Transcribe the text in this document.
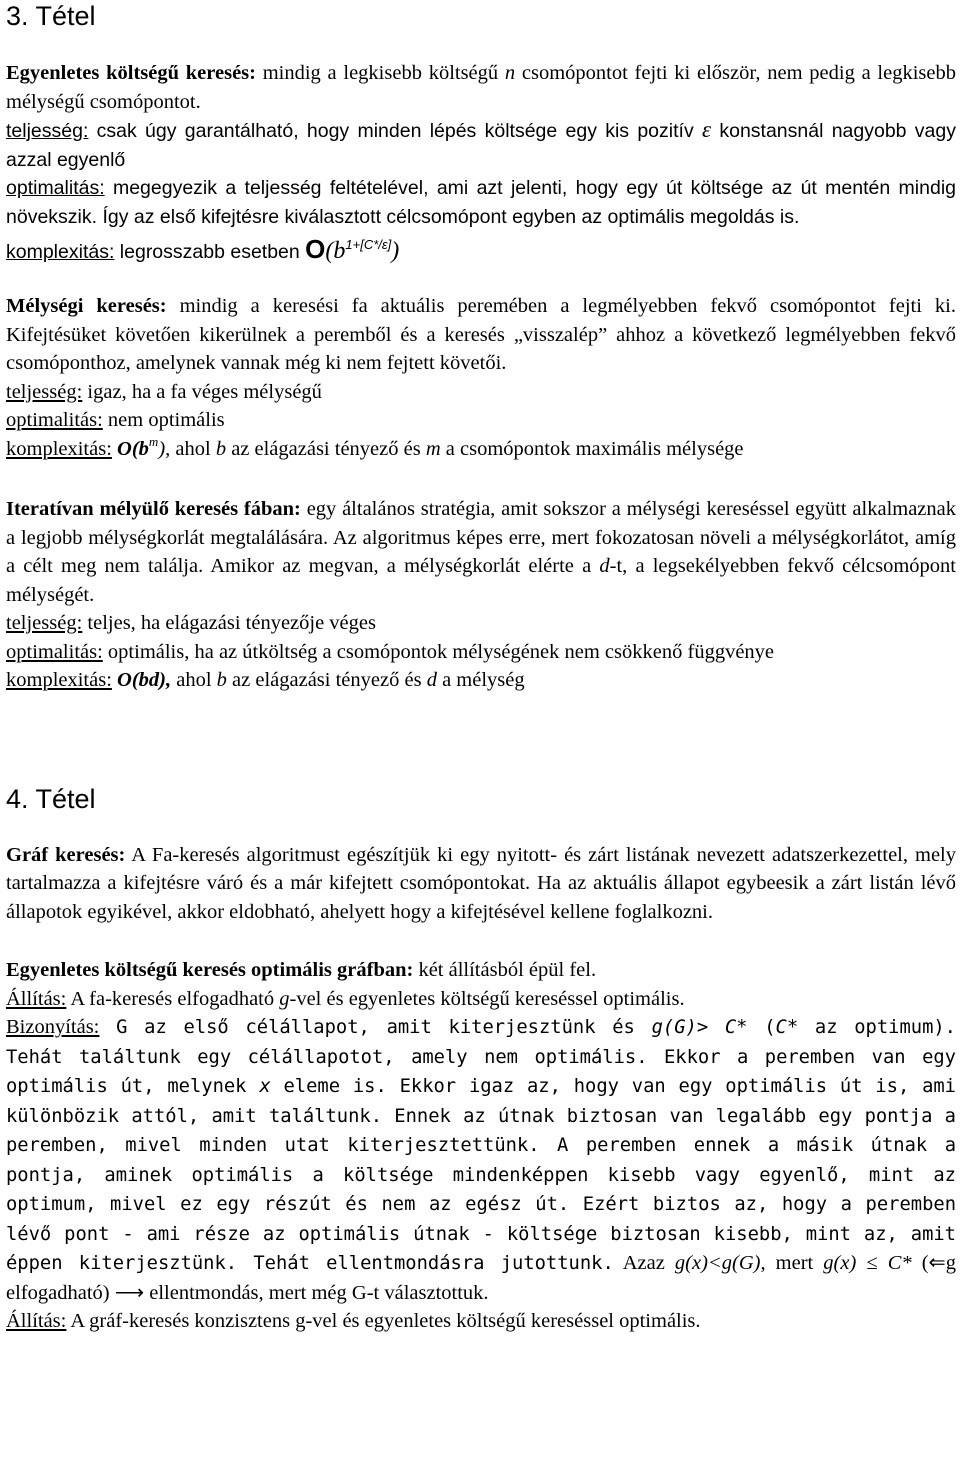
3. Tétel

Egyenletes költségű keresés: mindig a legkisebb költségű n csomópontot fejti ki először, nem pedig a legkisebb mélységű csomópontot.

teljesség: csak úgy garantálható, hogy minden lépés költsége egy kis pozitív ε konstansnál nagyobb vagy azzal egyenlő

optimalitás: megegyezik a teljesség feltételével, ami azt jelenti, hogy egy út költsége az út mentén mindig növekszik. Így az első kifejtésre kiválasztott célcsomópont egyben az optimális megoldás is.

komplexitás: legrosszabb esetben $O(b^{1+[C*/\varepsilon]})$

Mélységi keresés: mindig a keresési fa aktuális peremében a legmélyebben fekvő csomópontot fejti ki. Kifejtésüket követően kikerülnek a peremből és a keresés „visszalép” ahhoz a következő legmélyebben fekvő csomóponthoz, amelynek vannak még ki nem fejtett követői.

teljesség: igaz, ha a fa véges mélységű

optimalitás: nem optimális

komplexitás: $O(b^m)$, ahol b az elágazási tényező és m a csomópontok maximális mélysége

Iteratívan mélyülő keresés fában: egy általános stratégia, amit sokszor a mélységi kereséssel együtt alkalmaznak a legjobb mélységkorlát megtalálására. Az algoritmus képes erre, mert fokozatosan növeli a mélységkorlátot, amíg a célt meg nem találja. Amikor az megvan, a mélységkorlát elérte a d-t, a legsekélyebben fekvő célcsomópont mélységét.

teljesség: teljes, ha elágazási tényezője véges

optimalitás: optimális, ha az útköltség a csomópontok mélységének nem csökkenő függvénye

komplexitás: O(bd), ahol b az elágazási tényező és d a mélység

4. Tétel

Gráf keresés: A Fa-keresés algoritmust egészítjük ki egy nyitott- és zárt listának nevezett adatszerkezettel, mely tartalmazza a kifejtésre váró és a már kifejtett csomópontokat. Ha az aktuális állapot egybeesik a zárt listán lévő állapotok egyikével, akkor eldobható, ahelyett hogy a kifejtésével kellene foglalkozni.

Egyenletes költségű keresés optimális gráfban: két állításból épül fel.

Állítás: A fa-keresés elfogadható g-vel és egyenletes költségű kereséssel optimális.

Bizonyítás: G az első célállapot, amit kiterjesztünk és g(G)> C* (C* az optimum). Tehát találtunk egy célállapotot, amely nem optimális. Ekkor a peremben van egy optimális út, melynek x eleme is. Ekkor igaz az, hogy van egy optimális út is, ami különbözik attól, amit találtunk. Ennek az útnak biztosan van legalább egy pontja a peremben, mivel minden utat kiterjesztettünk. A peremben ennek a másik útnak a pontja, aminek optimális a költsége mindenképpen kisebb vagy egyenlő, mint az optimum, mivel ez egy részút és nem az egész út. Ezért biztos az, hogy a peremben lévő pont - ami része az optimális útnak - költsége biztosan kisebb, mint az, amit éppen kiterjesztünk. Tehát ellentmondásra jutottunk. Azaz g(x)<g(G), mert g(x) ≤ C* (⇐g elfogadható) ⟶ ellentmondás, mert még G-t választottuk.

Állítás: A gráf-keresés konzisztens g-vel és egyenletes költségű kereséssel optimális.
